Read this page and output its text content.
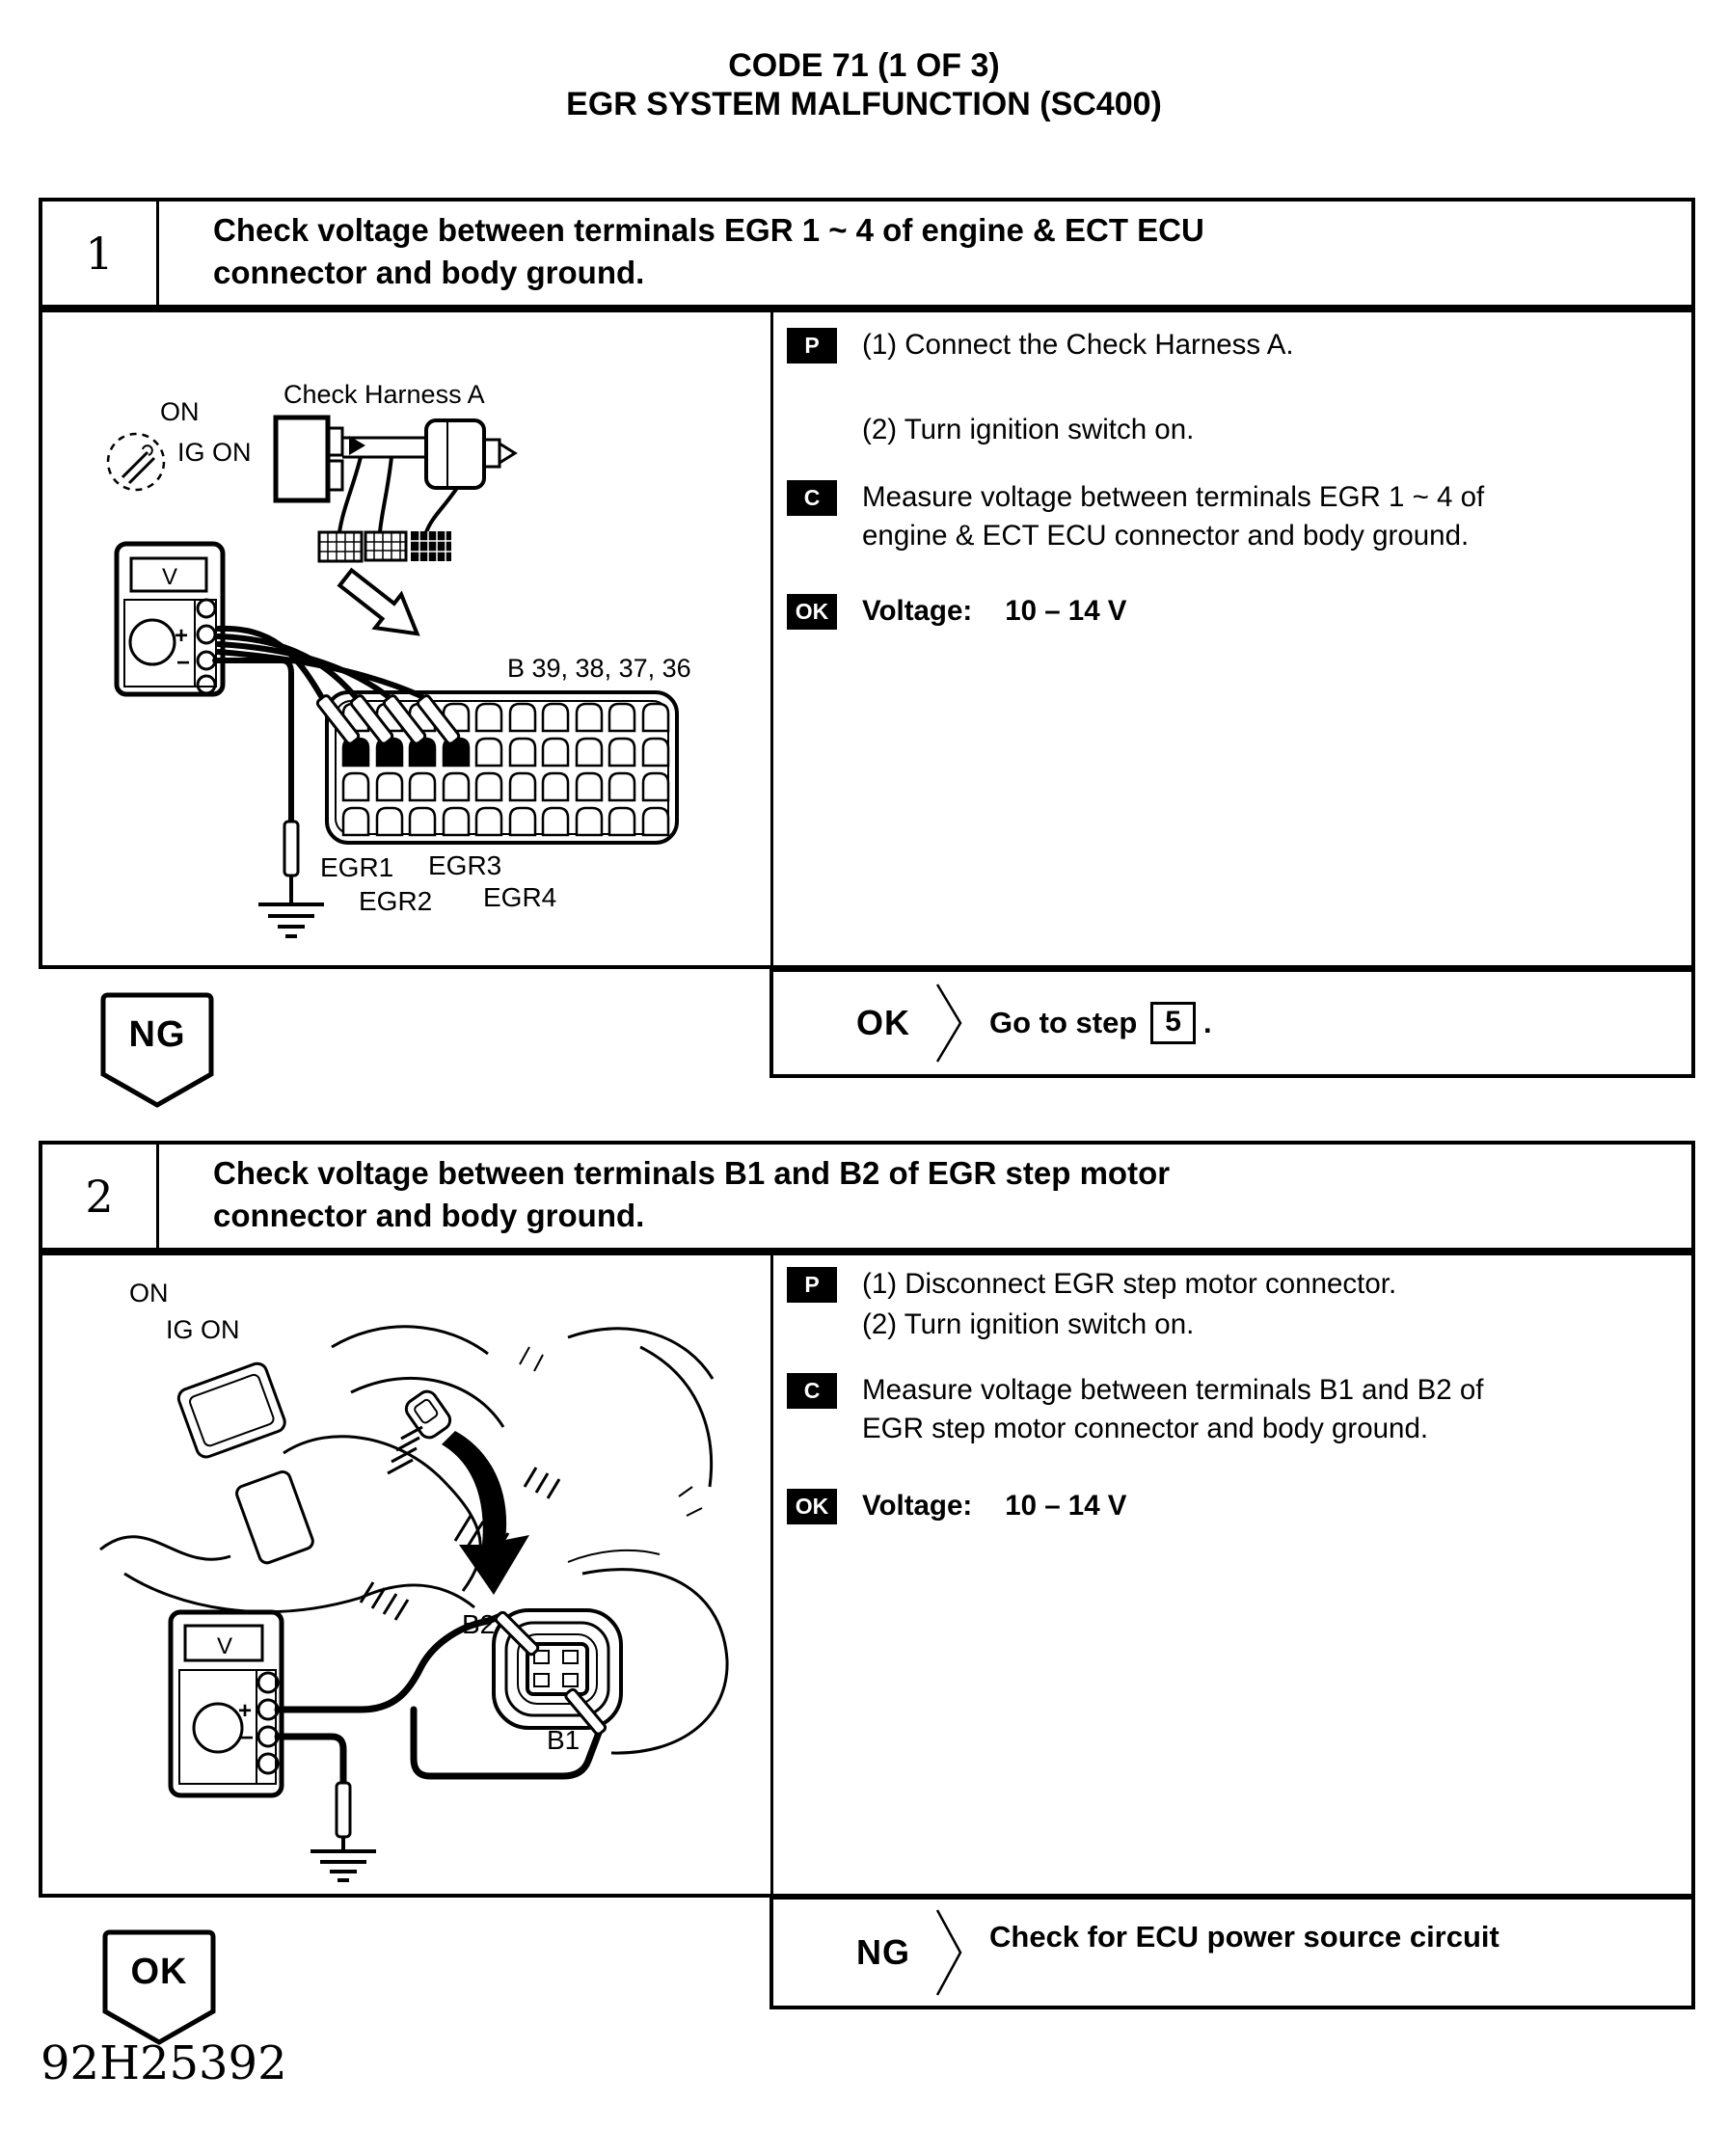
CODE 71 (1 OF 3)
EGR SYSTEM MALFUNCTION (SC400)
1	Check voltage between terminals EGR 1 ~ 4 of engine & ECT ECU
connector and body ground.
ON
IG ON
Check Harness A
B 39, 38, 37, 36
V
+
−
EGR1 EGR3
EGR2 EGR4
P	(1) Connect the Check Harness A.
(2) Turn ignition switch on.
C	Measure voltage between terminals EGR 1 ~ 4 of
engine & ECT ECU connector and body ground.
OK Voltage: 10 – 14 V
OK	Go to step 5 .
NG
2	Check voltage between terminals B1 and B2 of EGR step motor
connector and body ground.
ON
IG ON
B2
B1
V
+
−
P	(1) Disconnect EGR step motor connector.
(2) Turn ignition switch on.
C	Measure voltage between terminals B1 and B2 of
EGR step motor connector and body ground.
OK Voltage: 10 – 14 V
NG	Check for ECU power source circuit
OK
92H25392
